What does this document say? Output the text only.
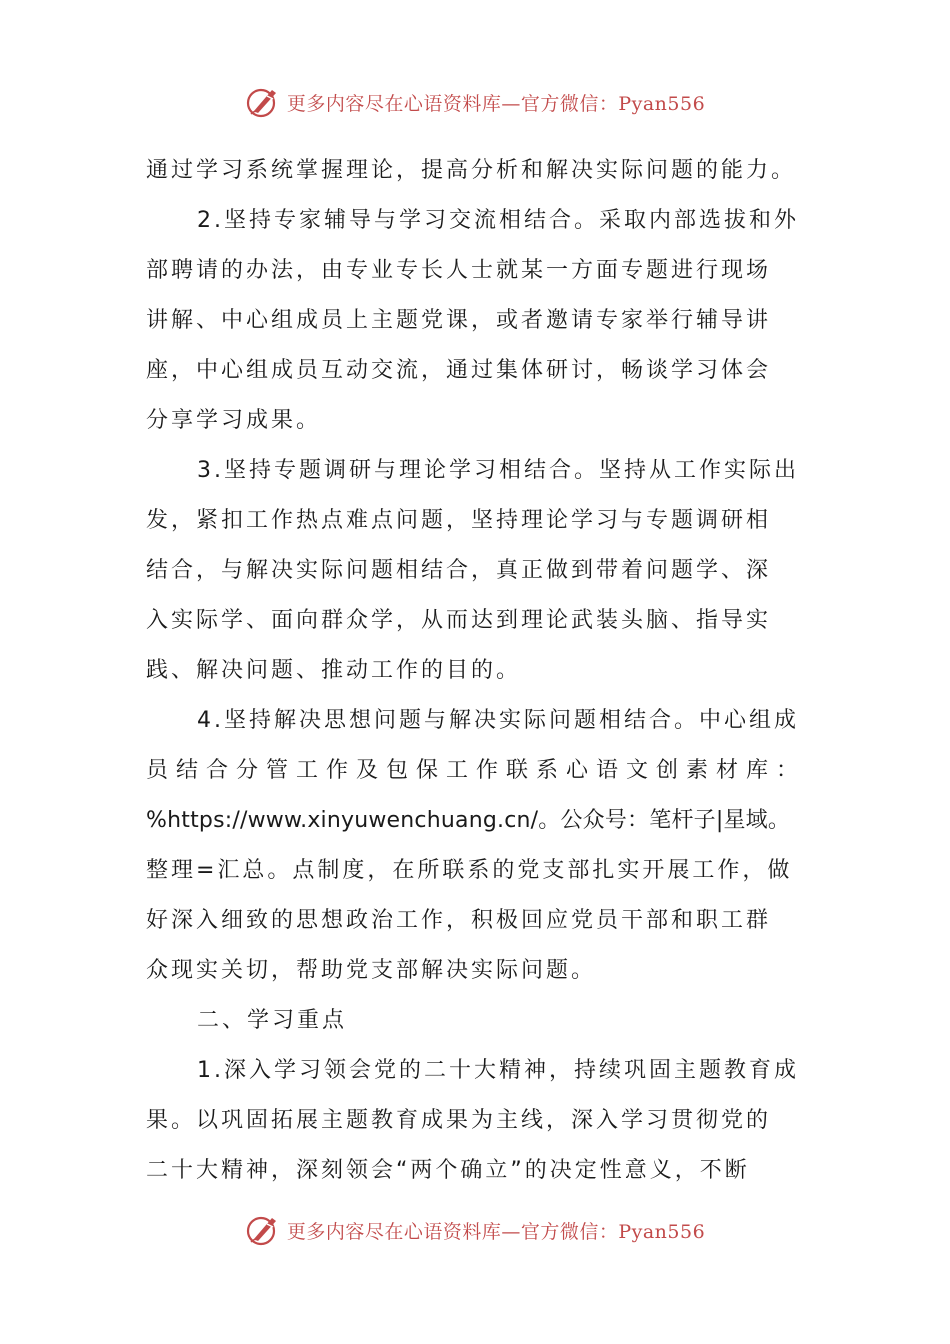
更多内容尽在心语资料库—官方微信：Pyan556
通过学习系统掌握理论，提高分析和解决实际问题的能力。
2.坚持专家辅导与学习交流相结合。采取内部选拔和外
部聘请的办法，由专业专长人士就某一方面专题进行现场
讲解、中心组成员上主题党课，或者邀请专家举行辅导讲
座，中心组成员互动交流，通过集体研讨，畅谈学习体会
分享学习成果。
3.坚持专题调研与理论学习相结合。坚持从工作实际出
发，紧扣工作热点难点问题，坚持理论学习与专题调研相
结合，与解决实际问题相结合，真正做到带着问题学、深
入实际学、面向群众学，从而达到理论武装头脑、指导实
践、解决问题、推动工作的目的。
4.坚持解决思想问题与解决实际问题相结合。中心组成
员结合分管工作及包保工作联系心语文创素材库：
%https://www.xinyuwenchuang.cn/。公众号：笔杆子|星域。
整理=汇总。点制度，在所联系的党支部扎实开展工作，做
好深入细致的思想政治工作，积极回应党员干部和职工群
众现实关切，帮助党支部解决实际问题。
二、学习重点
1.深入学习领会党的二十大精神，持续巩固主题教育成
果。以巩固拓展主题教育成果为主线，深入学习贯彻党的
二十大精神，深刻领会“两个确立”的决定性意义，不断
更多内容尽在心语资料库—官方微信：Pyan556
